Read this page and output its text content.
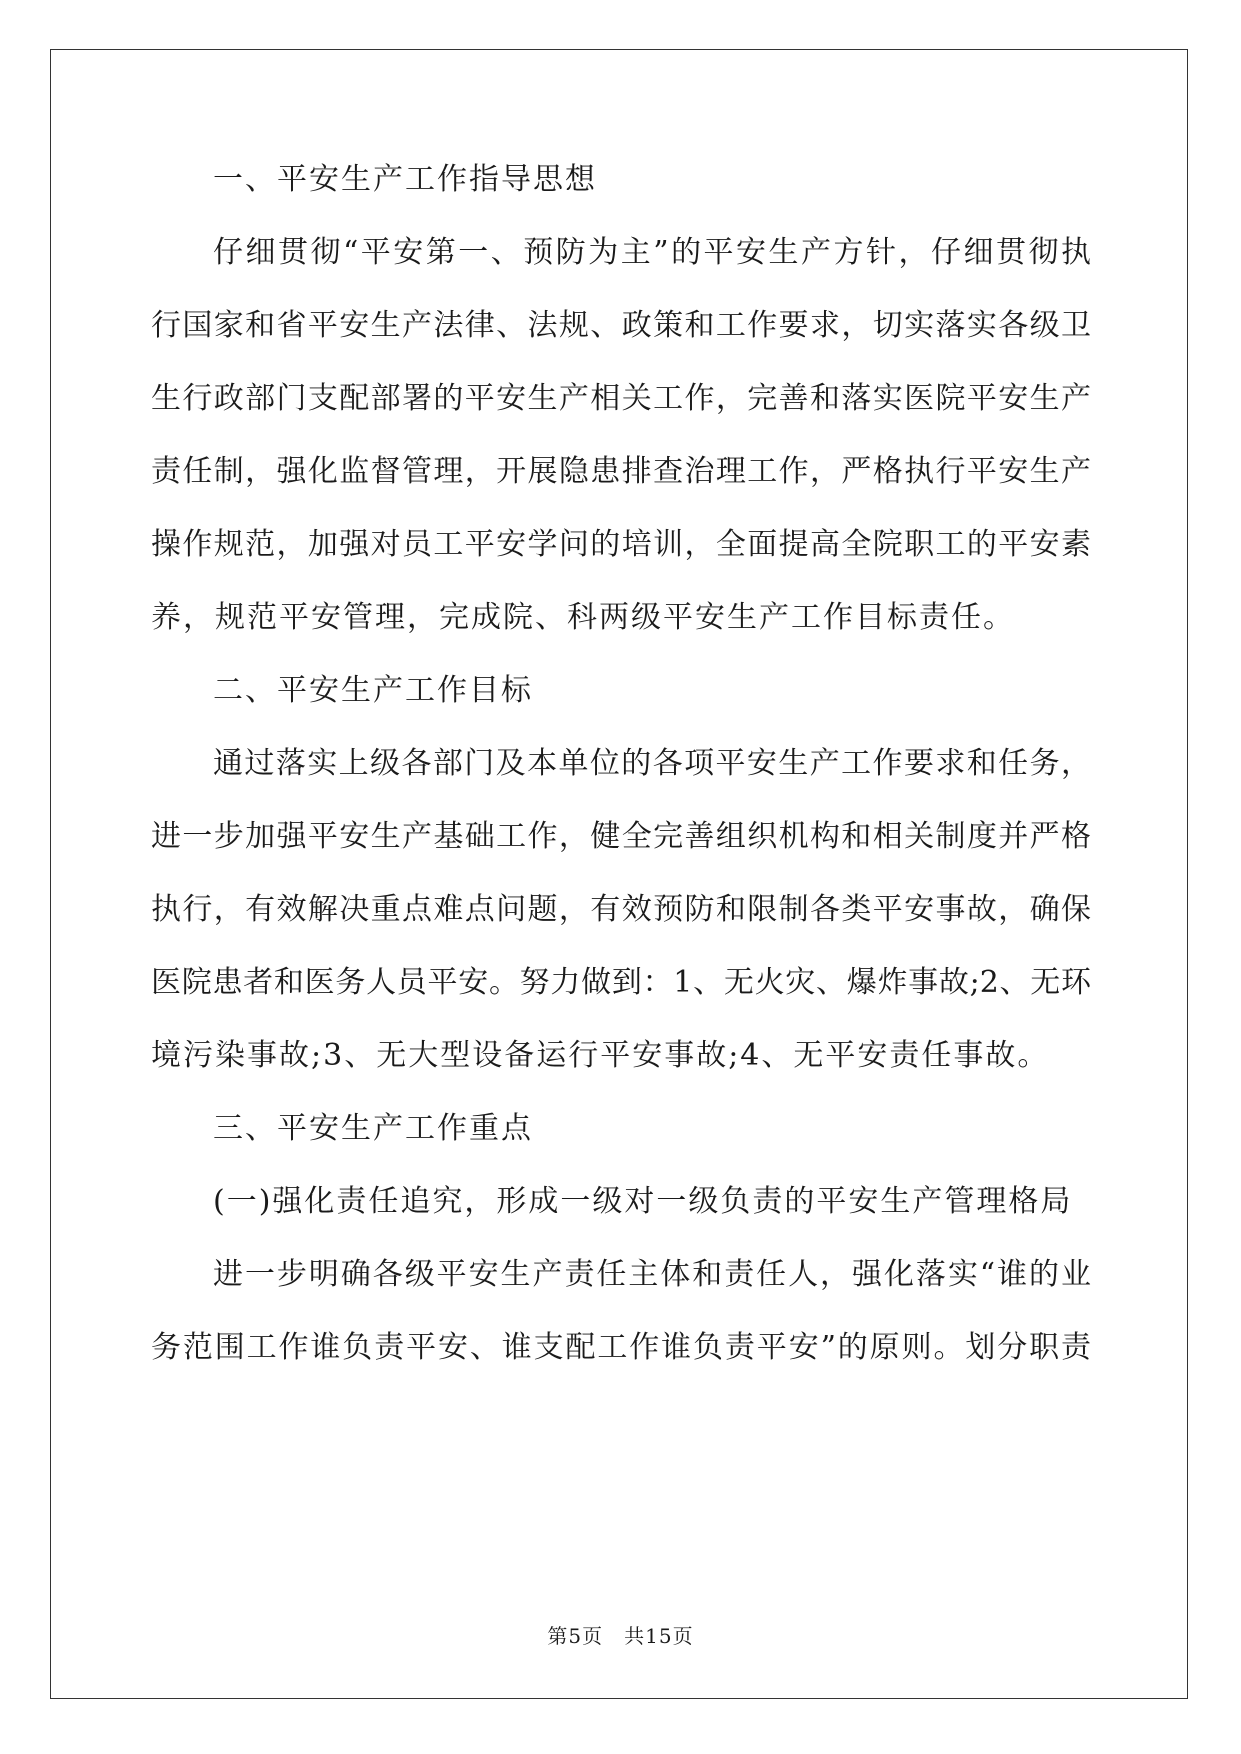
一、平安生产工作指导思想
仔细贯彻“平安第一、预防为主”的平安生产方针，仔细贯彻执
行国家和省平安生产法律、法规、政策和工作要求，切实落实各级卫
生行政部门支配部署的平安生产相关工作，完善和落实医院平安生产
责任制，强化监督管理，开展隐患排查治理工作，严格执行平安生产
操作规范，加强对员工平安学问的培训，全面提高全院职工的平安素
养，规范平安管理，完成院、科两级平安生产工作目标责任。
二、平安生产工作目标
通过落实上级各部门及本单位的各项平安生产工作要求和任务，
进一步加强平安生产基础工作，健全完善组织机构和相关制度并严格
执行，有效解决重点难点问题，有效预防和限制各类平安事故，确保
医院患者和医务人员平安。努力做到：1、无火灾、爆炸事故;2、无环
境污染事故;3、无大型设备运行平安事故;4、无平安责任事故。
三、平安生产工作重点
(一)强化责任追究，形成一级对一级负责的平安生产管理格局
进一步明确各级平安生产责任主体和责任人，强化落实“谁的业
务范围工作谁负责平安、谁支配工作谁负责平安”的原则。划分职责
第5页　共15页
